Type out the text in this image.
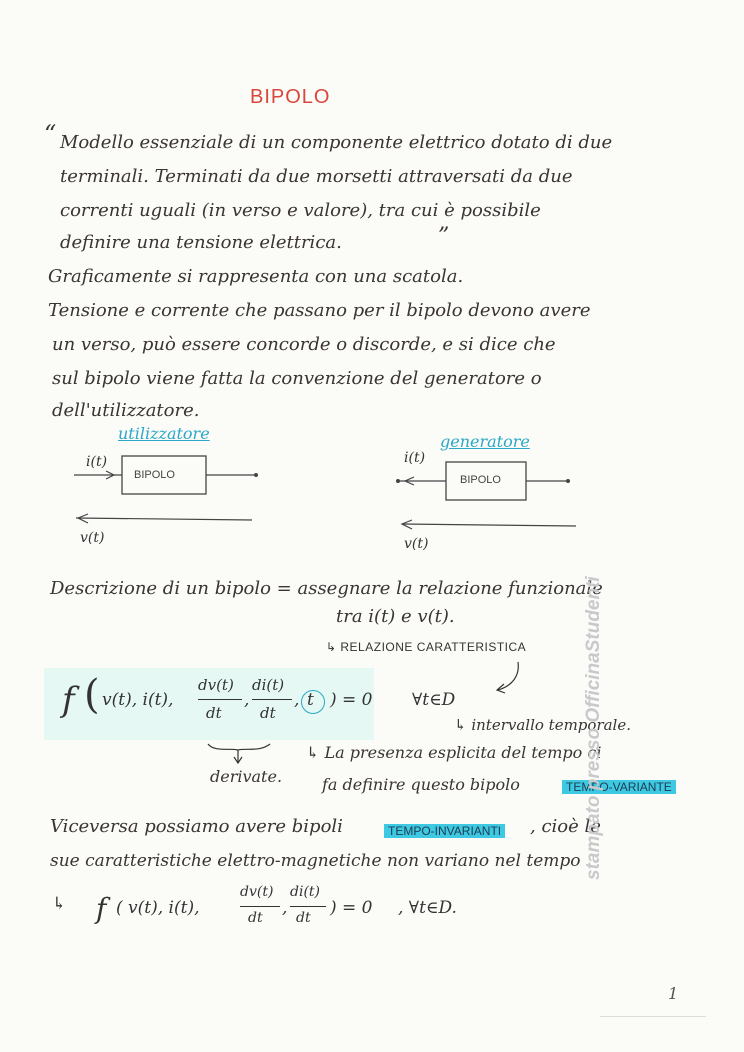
BIPOLO
“ Modello essenziale di un componente elettrico dotato di due
terminali. Terminati da due morsetti attraversati da due
correnti uguali (in verso e valore), tra cui è possibile
definire una tensione elettrica.	”
Graficamente si rappresenta con una scatola.
Tensione e corrente che passano per il bipolo devono avere
un verso, può essere concorde o discorde, e si dice che
sul bipolo viene fatta la convenzione del generatore o
dell'utilizzatore.
utilizzatore	generatore
BIPOLO
i(t)
v(t)
BIPOLO
i(t)
v(t)
Descrizione di un bipolo = assegnare la relazione funzionale
tra i(t) e v(t).
↳ RELAZIONE CARATTERISTICA
f ( v(t), i(t),
dv(t)
dt
,
di(t)
dt
, t ) = 0 ∀t∈D
↳ intervallo temporale.
↳ La presenza esplicita del tempo ci
fa definire questo bipolo	TEMPO-VARIANTE
derivate.
Viceversa possiamo avere bipoli	TEMPO-INVARIANTI , cioè le
sue caratteristiche elettro-magnetiche non variano nel tempo
↳ f ( v(t), i(t),
dv(t)
dt ,
di(t)
dt ) = 0 , ∀t∈D.
stampato presso OfficinaStudenti
1
